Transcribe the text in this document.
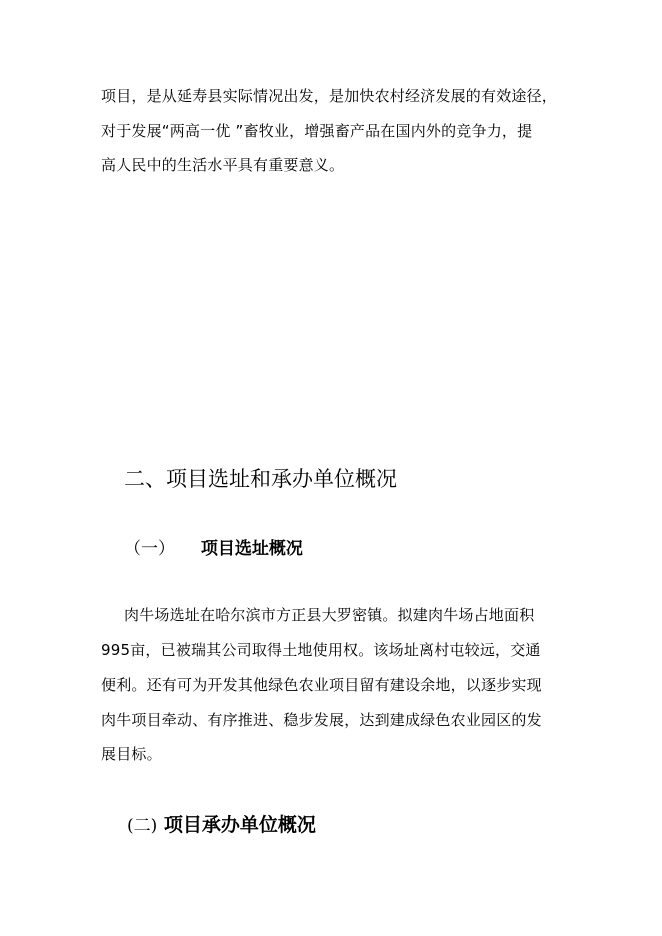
项目，是从延寿县实际情况出发，是加快农村经济发展的有效途径，
对于发展“两高一优 ”畜牧业，增强畜产品在国内外的竞争力，提
高人民中的生活水平具有重要意义。
二、项目选址和承办单位概况
（一） 项目选址概况
肉牛场选址在哈尔滨市方正县大罗密镇。拟建肉牛场占地面积
995亩，已被瑞其公司取得土地使用权。该场址离村屯较远，交通
便利。还有可为开发其他绿色农业项目留有建设余地，以逐步实现
肉牛项目牵动、有序推进、稳步发展，达到建成绿色农业园区的发
展目标。
(二) 项目承办单位概况
